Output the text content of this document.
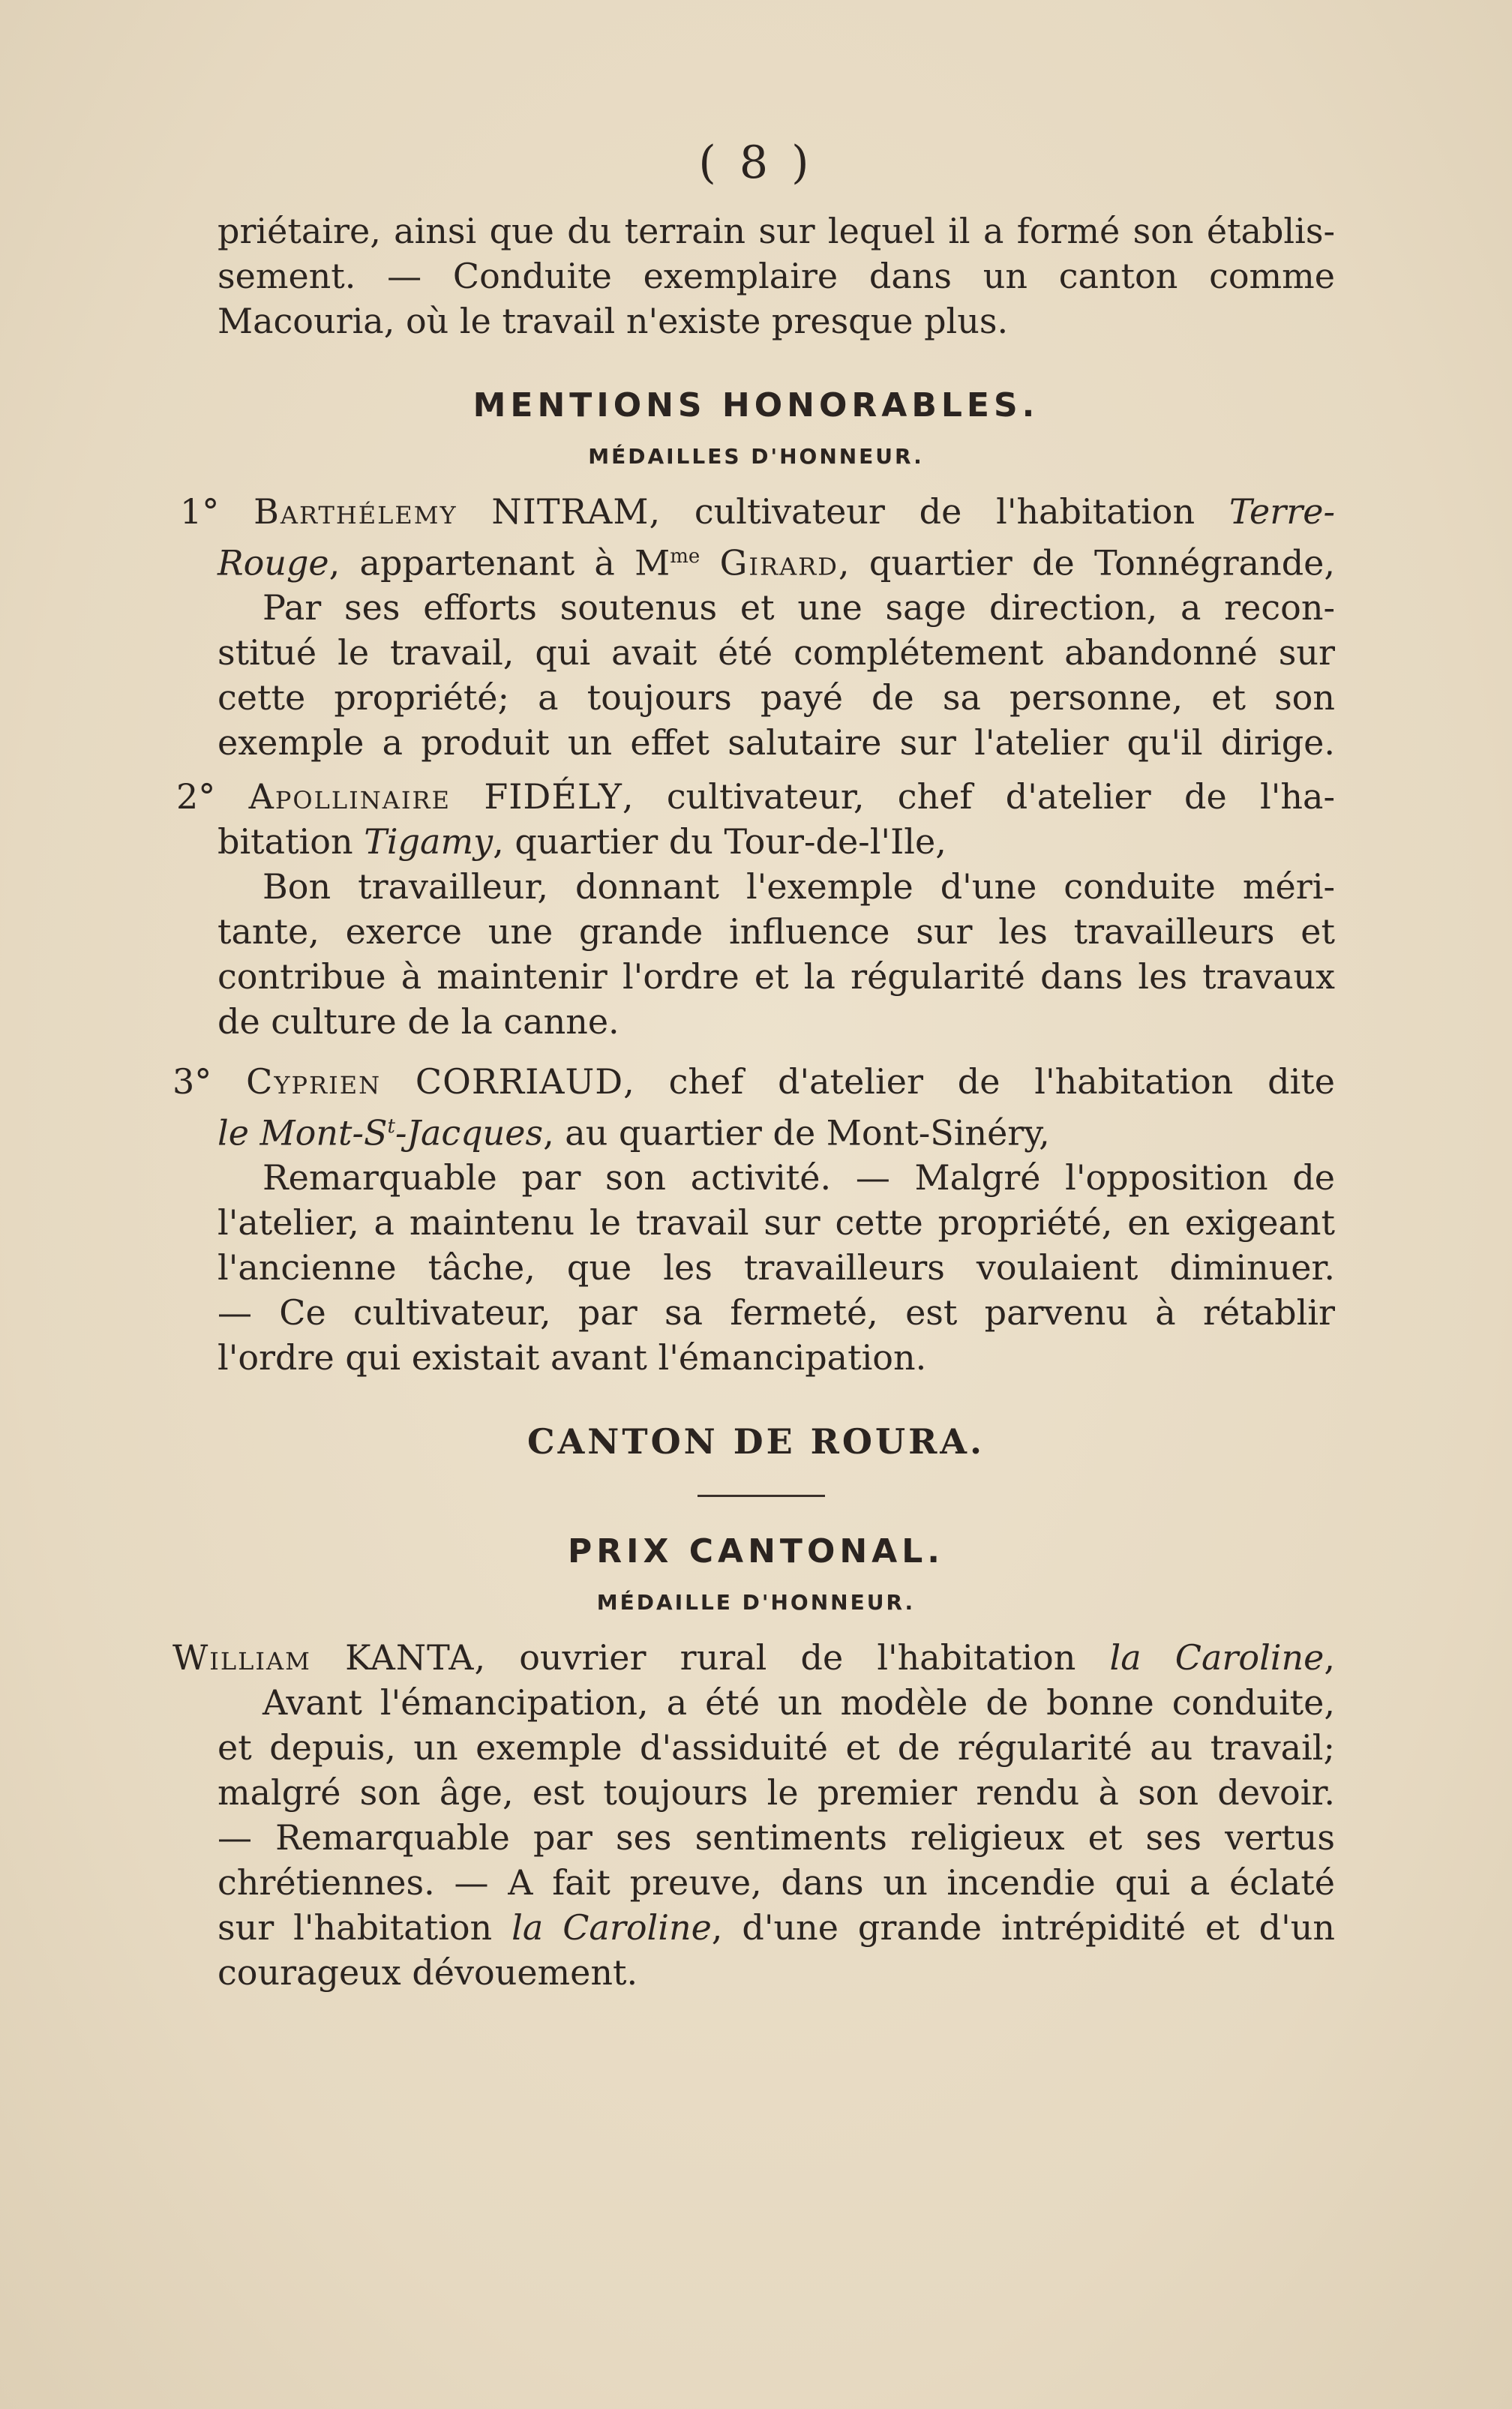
( 8 )
priétaire, ainsi que du terrain sur lequel il a formé son établis-
sement. — Conduite exemplaire dans un canton comme
Macouria, où le travail n'existe presque plus.
MENTIONS HONORABLES.
MÉDAILLES D'HONNEUR.
1° Barthélemy NITRAM, cultivateur de l'habitation Terre-
Rouge, appartenant à $M^{me}$ Girard, quartier de Tonnégrande,
Par ses efforts soutenus et une sage direction, a recon-
stitué le travail, qui avait été complétement abandonné sur
cette propriété; a toujours payé de sa personne, et son
exemple a produit un effet salutaire sur l'atelier qu'il dirige.
2° Apollinaire FIDÉLY, cultivateur, chef d'atelier de l'ha-
bitation Tigamy, quartier du Tour-de-l'Ile,
Bon travailleur, donnant l'exemple d'une conduite méri-
tante, exerce une grande influence sur les travailleurs et
contribue à maintenir l'ordre et la régularité dans les travaux
de culture de la canne.
3° Cyprien CORRIAUD, chef d'atelier de l'habitation dite
le Mont-$S^t$-Jacques, au quartier de Mont-Sinéry,
Remarquable par son activité. — Malgré l'opposition de
l'atelier, a maintenu le travail sur cette propriété, en exigeant
l'ancienne tâche, que les travailleurs voulaient diminuer.
— Ce cultivateur, par sa fermeté, est parvenu à rétablir
l'ordre qui existait avant l'émancipation.
CANTON DE ROURA.
PRIX CANTONAL.
MÉDAILLE D'HONNEUR.
William KANTA, ouvrier rural de l'habitation la Caroline,
Avant l'émancipation, a été un modèle de bonne conduite,
et depuis, un exemple d'assiduité et de régularité au travail;
malgré son âge, est toujours le premier rendu à son devoir.
— Remarquable par ses sentiments religieux et ses vertus
chrétiennes. — A fait preuve, dans un incendie qui a éclaté
sur l'habitation la Caroline, d'une grande intrépidité et d'un
courageux dévouement.
